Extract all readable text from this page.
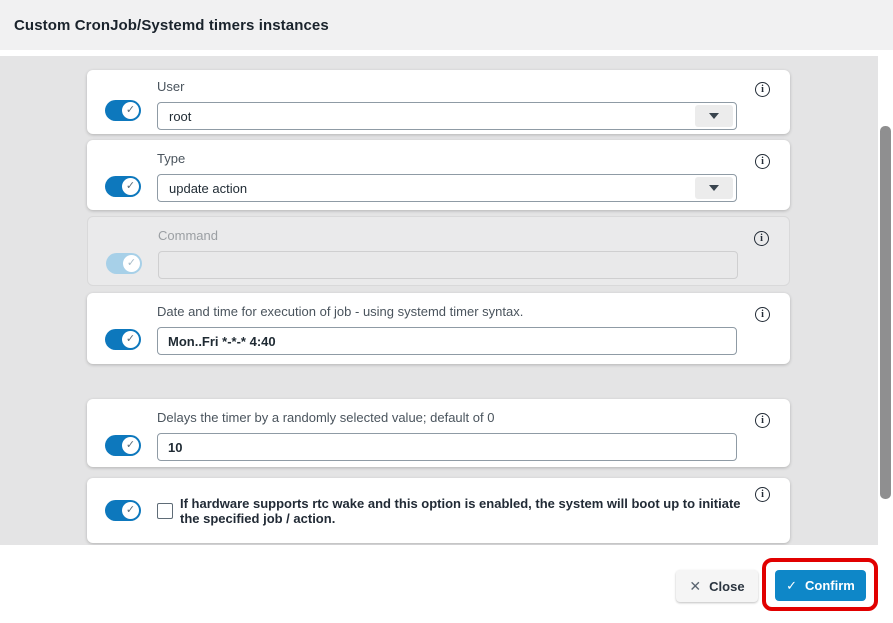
Custom CronJob/Systemd timers instances
✓
User
root
i
✓
Type
update action
i
✓
Command	i
✓
Date and time for execution of job - using systemd timer syntax.
Mon..Fri *-*-* 4:40	i
✓
Delays the timer by a randomly selected value; default of 0
10	i
✓	If hardware supports rtc wake and this option is enabled, the system will boot up to initiate the specified job / action.
i
✕ Close	✓ Confirm
